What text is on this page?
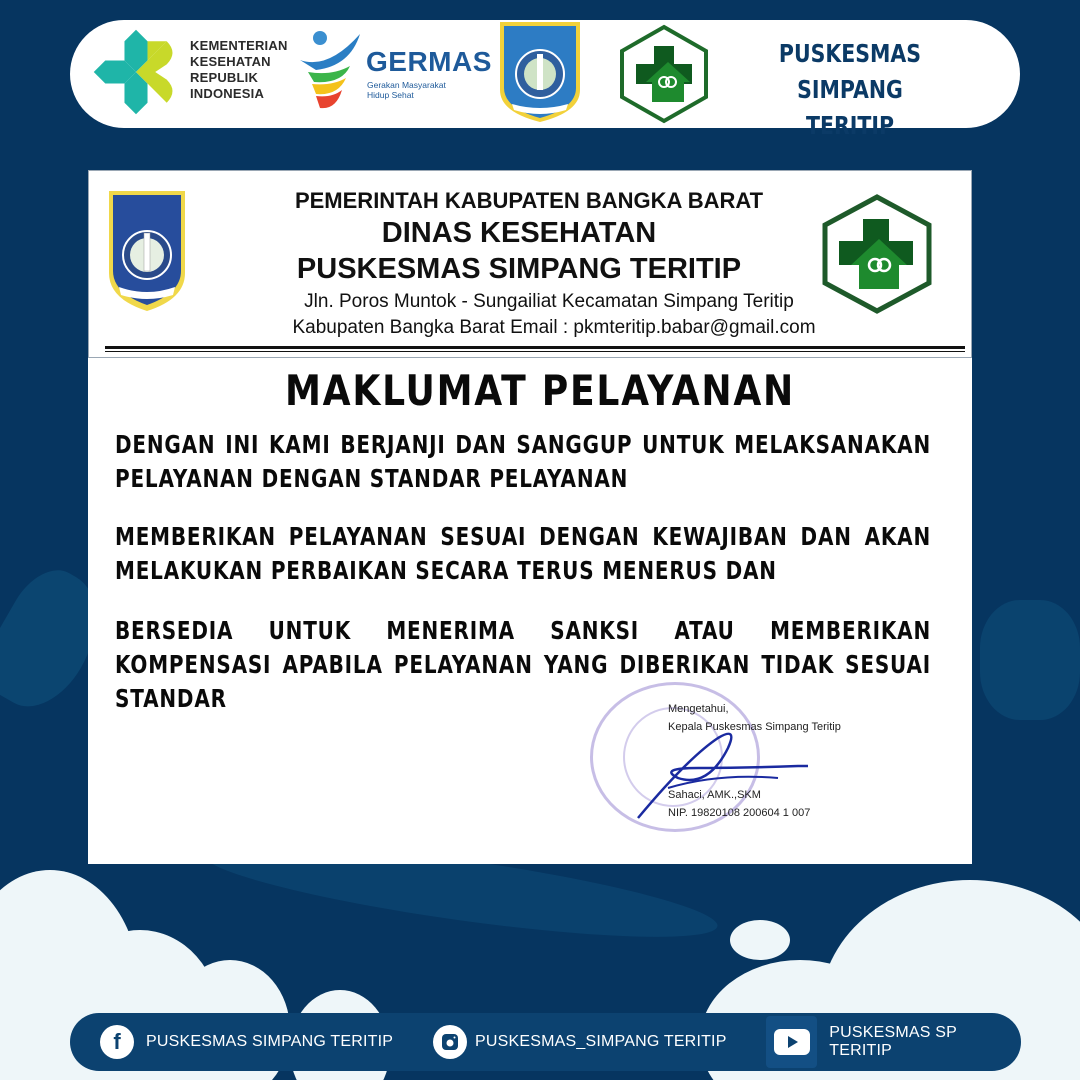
KEMENTERIAN
KESEHATAN
REPUBLIK
INDONESIA
GERMAS
Gerakan Masyarakat
Hidup Sehat
PUSKESMAS
SIMPANG TERITIP
PEMERINTAH KABUPATEN BANGKA BARAT
DINAS KESEHATAN
PUSKESMAS SIMPANG TERITIP
Jln. Poros Muntok - Sungailiat Kecamatan Simpang Teritip
Kabupaten Bangka Barat Email : pkmteritip.babar@gmail.com
MAKLUMAT PELAYANAN
DENGAN INI KAMI BERJANJI DAN SANGGUP UNTUK MELAKSANAKAN PELAYANAN DENGAN STANDAR PELAYANAN
MEMBERIKAN PELAYANAN SESUAI DENGAN KEWAJIBAN DAN AKAN MELAKUKAN PERBAIKAN SECARA TERUS MENERUS DAN
BERSEDIA UNTUK MENERIMA SANKSI ATAU MEMBERIKAN KOMPENSASI APABILA PELAYANAN YANG DIBERIKAN TIDAK SESUAI STANDAR	Mengetahui,
Kepala Puskesmas Simpang Teritip
Sahaci, AMK.,SKM
NIP. 19820108 200604 1 007
f	PUSKESMAS SIMPANG TERITIP	PUSKESMAS_SIMPANG TERITIP
PUSKESMAS SP TERITIP
